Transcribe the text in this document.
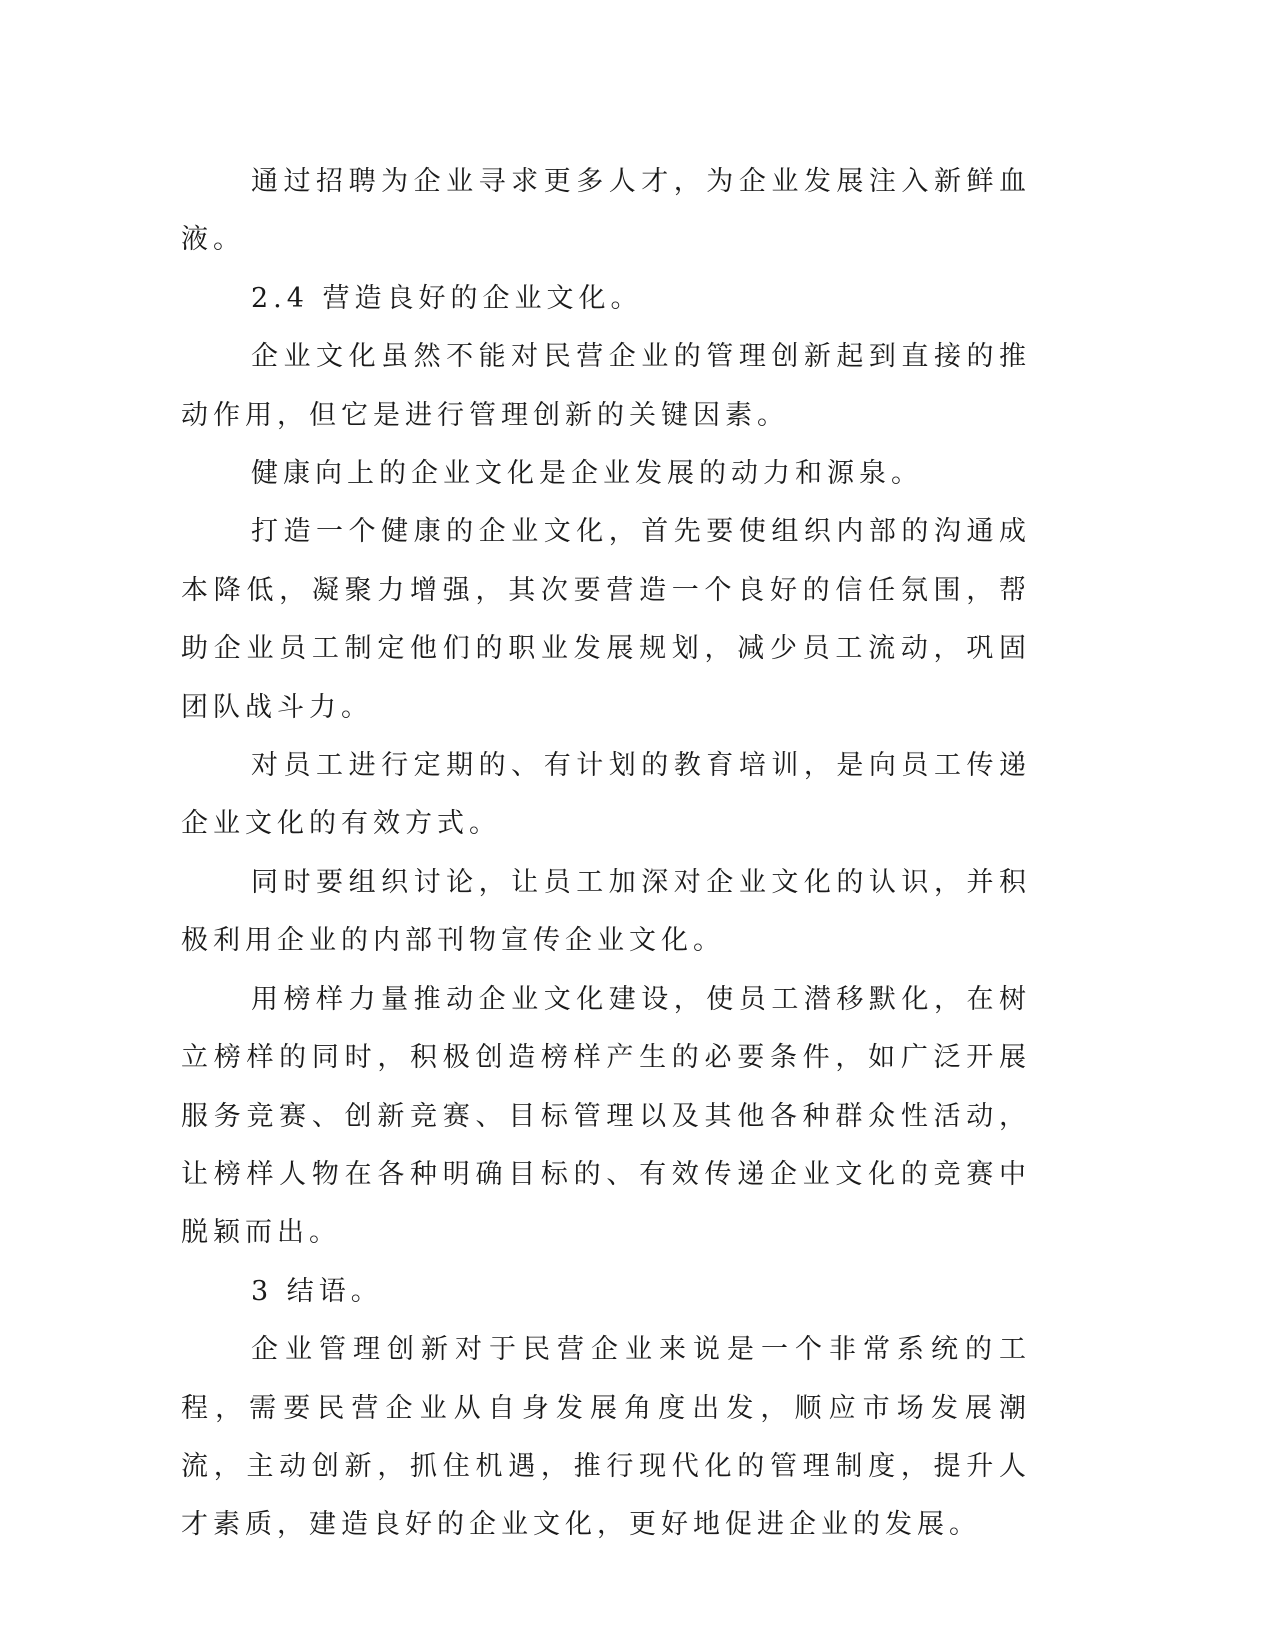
通过招聘为企业寻求更多人才，为企业发展注入新鲜血液。

2.4 营造良好的企业文化。

企业文化虽然不能对民营企业的管理创新起到直接的推动作用，但它是进行管理创新的关键因素。

健康向上的企业文化是企业发展的动力和源泉。

打造一个健康的企业文化，首先要使组织内部的沟通成本降低，凝聚力增强，其次要营造一个良好的信任氛围，帮助企业员工制定他们的职业发展规划，减少员工流动，巩固团队战斗力。

对员工进行定期的、有计划的教育培训，是向员工传递企业文化的有效方式。

同时要组织讨论，让员工加深对企业文化的认识，并积极利用企业的内部刊物宣传企业文化。

用榜样力量推动企业文化建设，使员工潜移默化，在树立榜样的同时，积极创造榜样产生的必要条件，如广泛开展服务竞赛、创新竞赛、目标管理以及其他各种群众性活动，让榜样人物在各种明确目标的、有效传递企业文化的竞赛中脱颖而出。

3 结语。

企业管理创新对于民营企业来说是一个非常系统的工程，需要民营企业从自身发展角度出发，顺应市场发展潮流，主动创新，抓住机遇，推行现代化的管理制度，提升人才素质，建造良好的企业文化，更好地促进企业的发展。
